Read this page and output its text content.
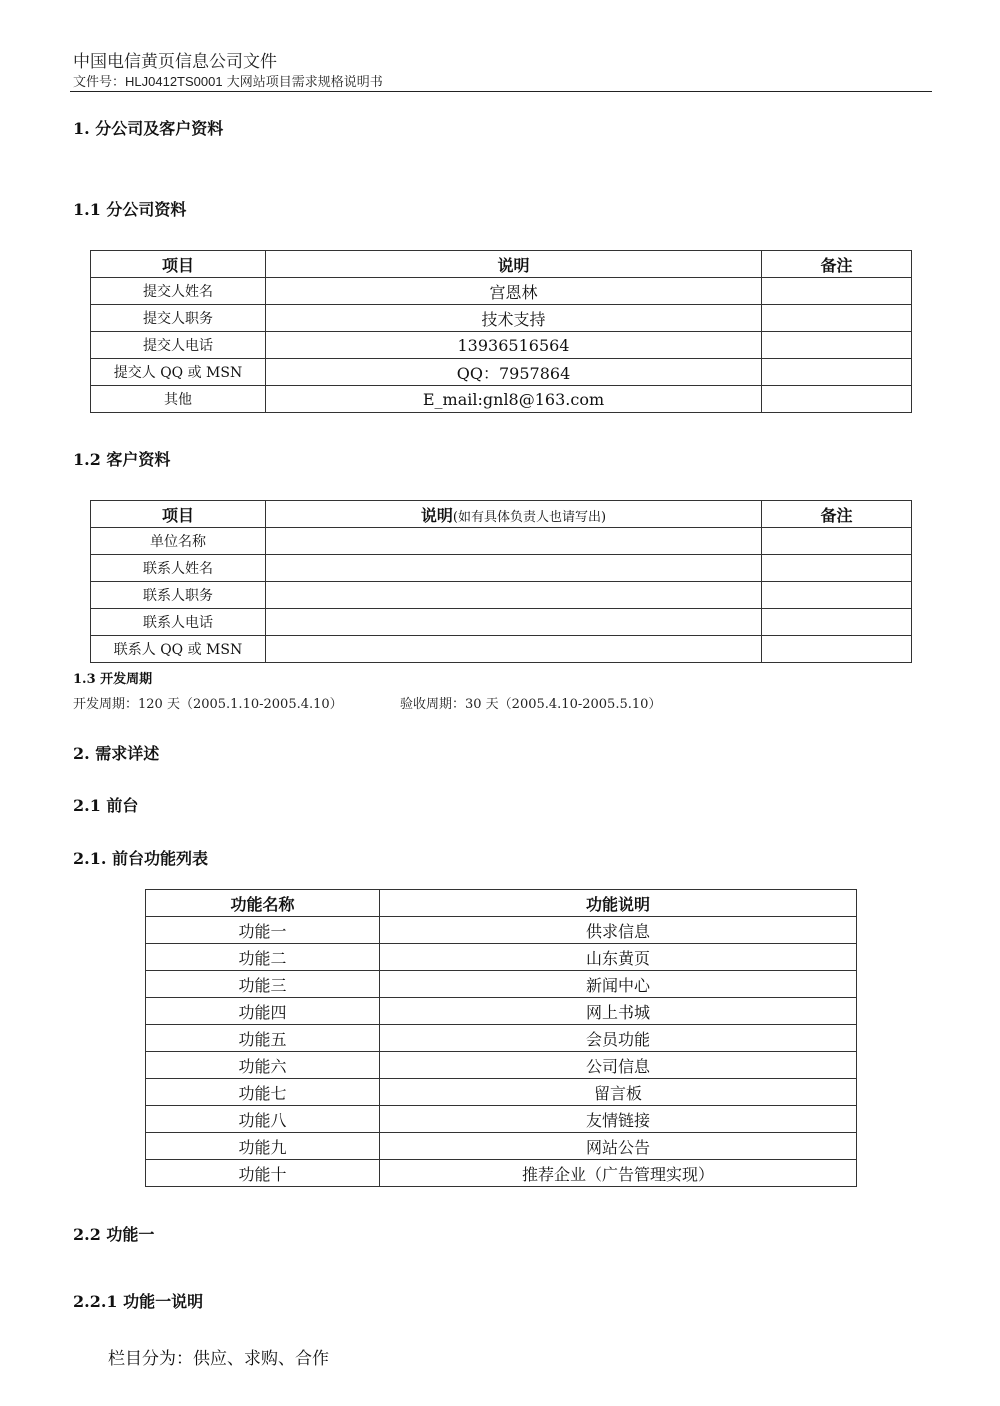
中国电信黄页信息公司文件
文件号：HLJ0412TS0001 大网站项目需求规格说明书
1. 分公司及客户资料
1.1 分公司资料
项目	说明	备注
提交人姓名	宫恩林	
提交人职务	技术支持	
提交人电话	13936516564	
提交人 QQ 或 MSN	QQ：7957864	
其他	E_mail:gnl8@163.com	
1.2 客户资料
项目	说明(如有具体负责人也请写出)	备注
单位名称		
联系人姓名		
联系人职务		
联系人电话		
联系人 QQ 或 MSN		
1.3 开发周期
开发周期：120 天（2005.1.10-2005.4.10）	验收周期：30 天（2005.4.10-2005.5.10）
2. 需求详述
2.1 前台
2.1. 前台功能列表
功能名称	功能说明
功能一	供求信息
功能二	山东黄页
功能三	新闻中心
功能四	网上书城
功能五	会员功能
功能六	公司信息
功能七	留言板
功能八	友情链接
功能九	网站公告
功能十	推荐企业（广告管理实现）
2.2 功能一
2.2.1 功能一说明
栏目分为：供应、求购、合作
